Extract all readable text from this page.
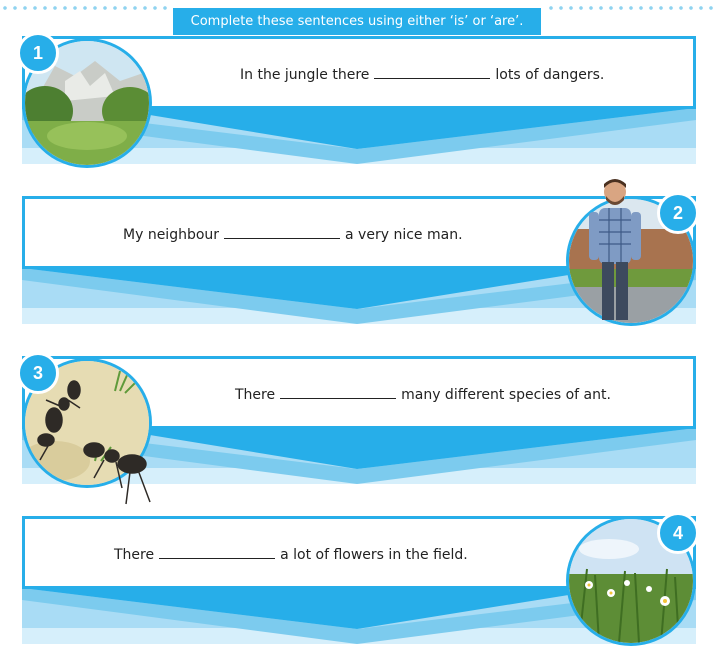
Complete these sentences using either ‘is’ or ‘are’.
In the jungle there	lots of dangers.
1
My neighbour	a very nice man.
2
There	many different species of ant.
3
There	a lot of flowers in the field.
4
